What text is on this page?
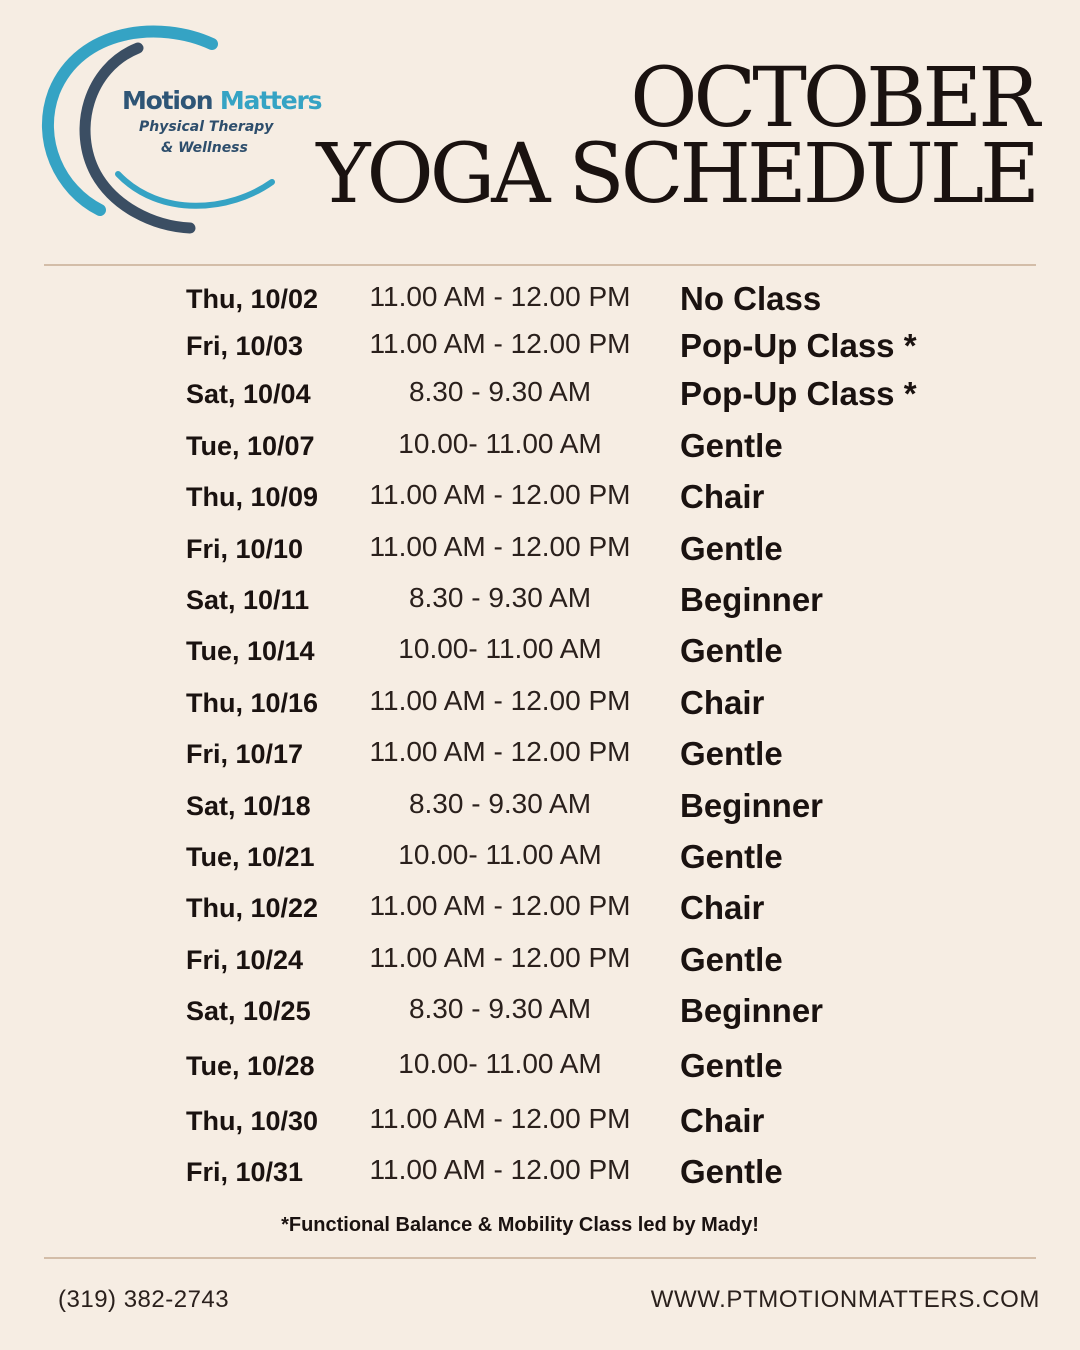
Motion Matters
Physical Therapy
& Wellness
OCTOBER
YOGA SCHEDULE
Thu, 10/02	11.00 AM - 12.00 PM	No Class
Fri, 10/03	11.00 AM - 12.00 PM	Pop-Up Class *
Sat, 10/04	8.30 - 9.30 AM	Pop-Up Class *
Tue, 10/07	10.00- 11.00 AM	Gentle
Thu, 10/09	11.00 AM - 12.00 PM	Chair
Fri, 10/10	11.00 AM - 12.00 PM	Gentle
Sat, 10/11	8.30 - 9.30 AM	Beginner
Tue, 10/14	10.00- 11.00 AM	Gentle
Thu, 10/16	11.00 AM - 12.00 PM	Chair
Fri, 10/17	11.00 AM - 12.00 PM	Gentle
Sat, 10/18	8.30 - 9.30 AM	Beginner
Tue, 10/21	10.00- 11.00 AM	Gentle
Thu, 10/22	11.00 AM - 12.00 PM	Chair
Fri, 10/24	11.00 AM - 12.00 PM	Gentle
Sat, 10/25	8.30 - 9.30 AM	Beginner
Tue, 10/28	10.00- 11.00 AM	Gentle
Thu, 10/30	11.00 AM - 12.00 PM	Chair
Fri, 10/31	11.00 AM - 12.00 PM	Gentle
*Functional Balance & Mobility Class led by Mady!
(319) 382-2743	WWW.PTMOTIONMATTERS.COM
